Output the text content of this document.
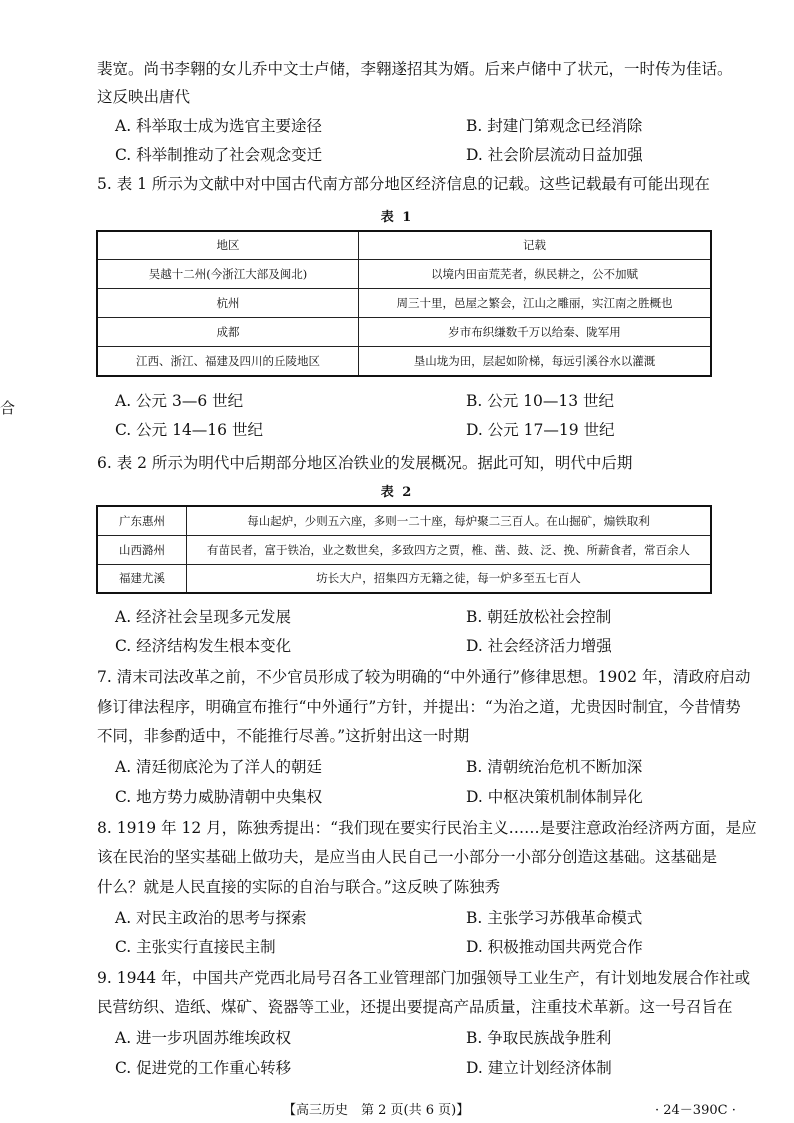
裴宽。尚书李翱的女儿乔中文士卢储，李翱遂招其为婿。后来卢储中了状元，一时传为佳话。
这反映出唐代
A. 科举取士成为选官主要途径	B. 封建门第观念已经消除
C. 科举制推动了社会观念变迁	D. 社会阶层流动日益加强
5. 表 1 所示为文献中对中国古代南方部分地区经济信息的记载。这些记载最有可能出现在
表 1
地区	记载
吴越十二州(今浙江大部及闽北)	以境内田亩荒芜者，纵民耕之，公不加赋
杭州	周三十里，邑屋之繁会，江山之雕丽，实江南之胜概也
成都	岁市布织缣数千万以给秦、陇军用
江西、浙江、福建及四川的丘陵地区	垦山垅为田，层起如阶梯，每远引溪谷水以灌溉
A. 公元 3—6 世纪	B. 公元 10—13 世纪
C. 公元 14—16 世纪	D. 公元 17—19 世纪
合
6. 表 2 所示为明代中后期部分地区冶铁业的发展概况。据此可知，明代中后期
表 2
广东惠州	每山起炉，少则五六座，多则一二十座，每炉聚二三百人。在山掘矿，煽铁取利
山西潞州	有苗民者，富于铁冶，业之数世矣，多致四方之贾，椎、凿、鼓、泛、挽、所薪食者，常百余人
福建尤溪	坊长大户，招集四方无籍之徒，每一炉多至五七百人
A. 经济社会呈现多元发展	B. 朝廷放松社会控制
C. 经济结构发生根本变化	D. 社会经济活力增强
7. 清末司法改革之前，不少官员形成了较为明确的“中外通行”修律思想。1902 年，清政府启动
修订律法程序，明确宣布推行“中外通行”方针，并提出：“为治之道，尤贵因时制宜，今昔情势
不同，非参酌适中，不能推行尽善。”这折射出这一时期
A. 清廷彻底沦为了洋人的朝廷	B. 清朝统治危机不断加深
C. 地方势力威胁清朝中央集权	D. 中枢决策机制体制异化
8. 1919 年 12 月，陈独秀提出：“我们现在要实行民治主义……是要注意政治经济两方面，是应
该在民治的坚实基础上做功夫，是应当由人民自己一小部分一小部分创造这基础。这基础是
什么？就是人民直接的实际的自治与联合。”这反映了陈独秀
A. 对民主政治的思考与探索	B. 主张学习苏俄革命模式
C. 主张实行直接民主制	D. 积极推动国共两党合作
9. 1944 年，中国共产党西北局号召各工业管理部门加强领导工业生产，有计划地发展合作社或
民营纺织、造纸、煤矿、瓷器等工业，还提出要提高产品质量，注重技术革新。这一号召旨在
A. 进一步巩固苏维埃政权	B. 争取民族战争胜利
C. 促进党的工作重心转移	D. 建立计划经济体制
【高三历史　第 2 页(共 6 页)】	· 24－390C ·
